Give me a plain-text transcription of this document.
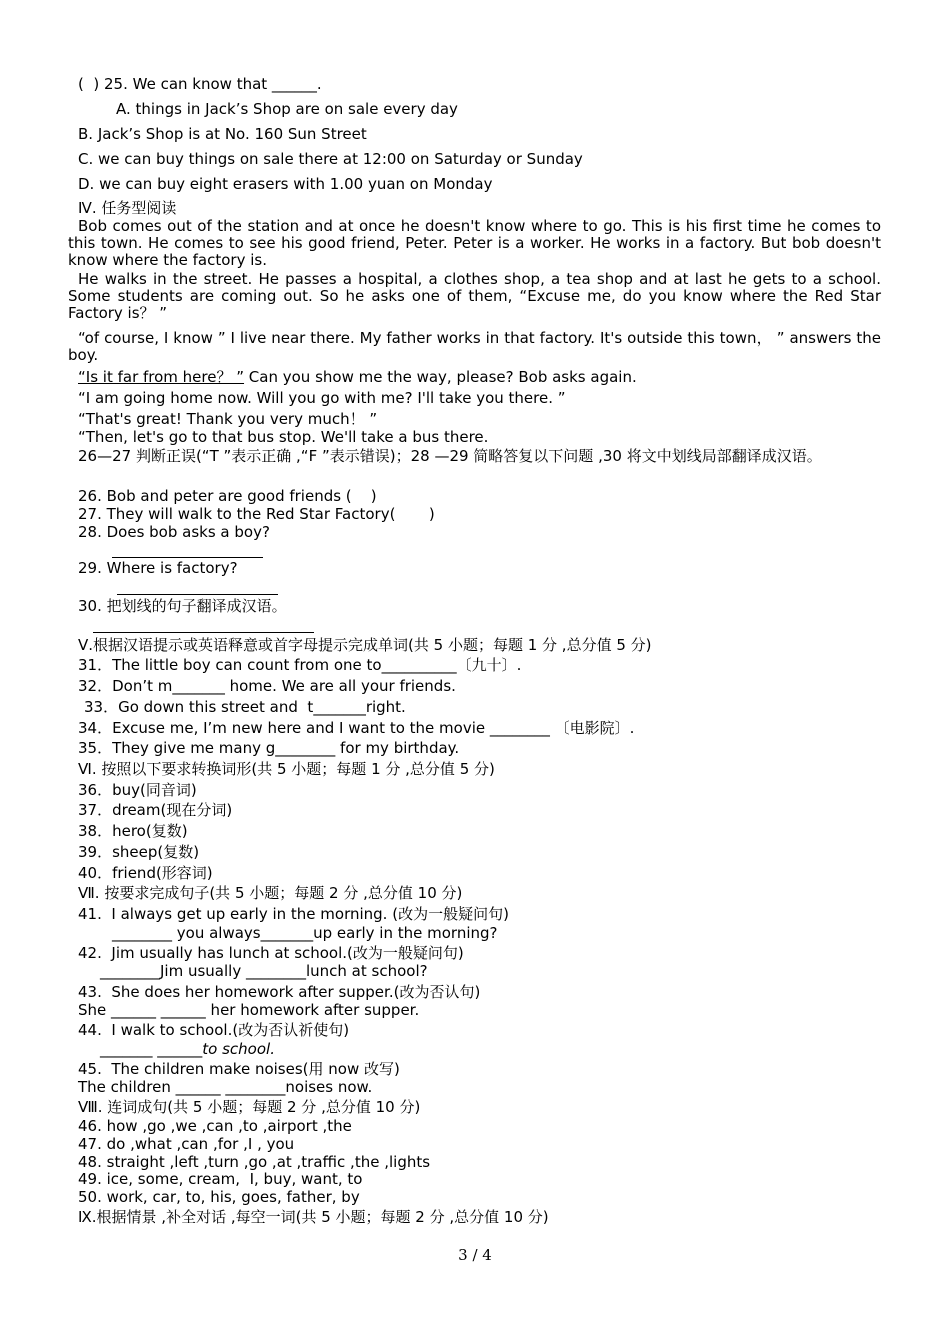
(  ) 25. We can know that ______.
A. things in Jack’s Shop are on sale every day
B. Jack’s Shop is at No. 160 Sun Street
C. we can buy things on sale there at 12:00 on Saturday or Sunday
D. we can buy eight erasers with 1.00 yuan on Monday
Ⅳ. 任务型阅读
Bob comes out of the station and at once he doesn't know where to go. This is his first time he comes to this town. He comes to see his good friend, Peter. Peter is a worker. He works in a factory. But bob doesn't know where the factory is.
He walks in the street. He passes a hospital, a clothes shop, a tea shop and at last he gets to a school. Some students are coming out. So he asks one of them, “Excuse me, do you know where the Red Star Factory is？ ”
“of course, I know ” I live near there. My father works in that factory. It's outside this town， ” answers the boy.
“Is it far from here？ ” Can you show me the way, please? Bob asks again.
“I am going home now. Will you go with me? I'll take you there. ”
“That's great! Thank you very much！ ”
“Then, let's go to that bus stop. We'll take a bus there.
26—27 判断正误(“T ”表示正确 ,“F ”表示错误)；28 —29 简略答复以下问题 ,30 将文中划线局部翻译成汉语。
26. Bob and peter are good friends (    )
27. They will walk to the Red Star Factory(       )
28. Does bob asks a boy?
29. Where is factory?
30. 把划线的句子翻译成汉语。
Ⅴ.根据汉语提示或英语释意或首字母提示完成单词(共 5 小题；每题 1 分 ,总分值 5 分)
31．The little boy can count from one to__________〔九十〕.
32．Don’t m_______ home. We are all your friends.
33．Go down this street and  t_______right.
34．Excuse me, I’m new here and I want to the movie ________ 〔电影院〕.
35．They give me many g________ for my birthday.
Ⅵ. 按照以下要求转换词形(共 5 小题；每题 1 分 ,总分值 5 分)
36．buy(同音词)
37．dream(现在分词)
38．hero(复数)
39．sheep(复数)
40．friend(形容词)
Ⅶ. 按要求完成句子(共 5 小题；每题 2 分 ,总分值 10 分)
41.  I always get up early in the morning. (改为一般疑问句)
________ you always_______up early in the morning?
42.  Jim usually has lunch at school.(改为一般疑问句)
________Jim usually ________lunch at school?
43.  She does her homework after supper.(改为否认句)
She ______ ______ her homework after supper.
44.  I walk to school.(改为否认祈使句)
_______ ______to school.
45.  The children make noises(用 now 改写)
The children ______ ________noises now.
Ⅷ. 连词成句(共 5 小题；每题 2 分 ,总分值 10 分)
46. how ,go ,we ,can ,to ,airport ,the
47. do ,what ,can ,for ,I , you
48. straight ,left ,turn ,go ,at ,traffic ,the ,lights
49. ice, some, cream,  I, buy, want, to
50. work, car, to, his, goes, father, by
Ⅸ.根据情景 ,补全对话 ,每空一词(共 5 小题；每题 2 分 ,总分值 10 分)
3 / 4
